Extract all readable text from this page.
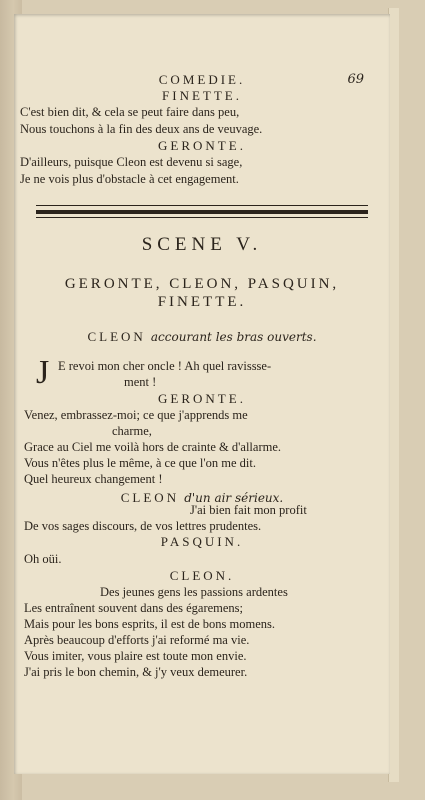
COMEDIE.	69
FINETTE.
C'est bien dit, & cela se peut faire dans peu,
Nous touchons à la fin des deux ans de veuvage.
GERONTE.
D'ailleurs, puisque Cleon est devenu si sage,
Je ne vois plus d'obstacle à cet engagement.
SCENE V.
GERONTE, CLEON, PASQUIN,
FINETTE.
CLEON accourant les bras ouverts.
J E revoi mon cher oncle ! Ah quel ravissse-
ment !
GERONTE.
Venez, embrassez-moi; ce que j'apprends me
charme,
Grace au Ciel me voilà hors de crainte & d'allarme.
Vous n'êtes plus le même, à ce que l'on me dit.
Quel heureux changement !
CLEON d'un air sérieux.
J'ai bien fait mon profit
De vos sages discours, de vos lettres prudentes.
PASQUIN.
Oh oüi.
CLEON.
Des jeunes gens les passions ardentes
Les entraînent souvent dans des égaremens;
Mais pour les bons esprits, il est de bons momens.
Après beaucoup d'efforts j'ai reformé ma vie.
Vous imiter, vous plaire est toute mon envie.
J'ai pris le bon chemin, & j'y veux demeurer.
